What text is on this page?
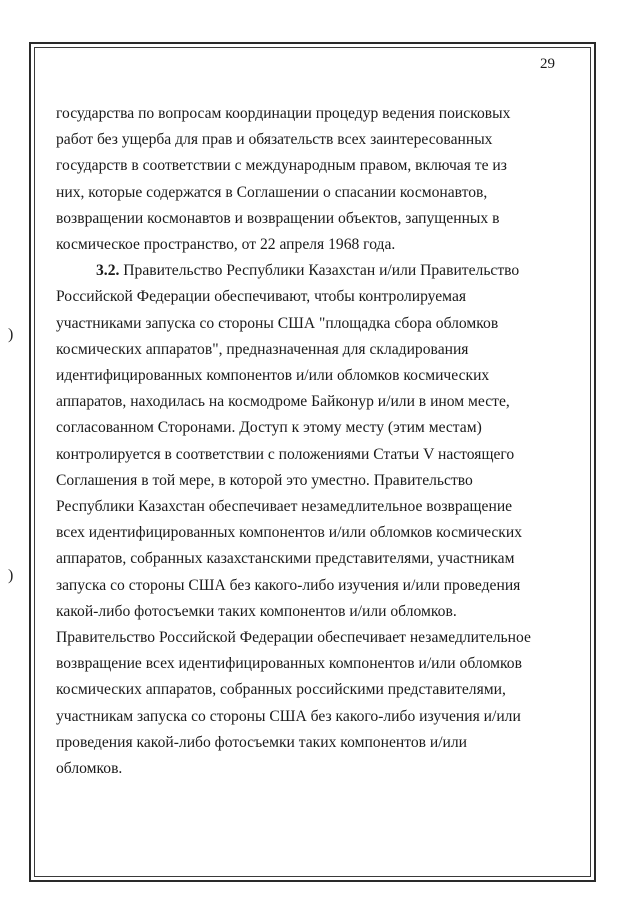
)
)
29
государства по вопросам координации процедур ведения поисковых
работ без ущерба для прав и обязательств всех заинтересованных
государств в соответствии с международным правом, включая те из
них, которые содержатся в Соглашении о спасании космонавтов,
возвращении космонавтов и возвращении объектов, запущенных в
космическое пространство, от 22 апреля 1968 года.
3.2. Правительство Республики Казахстан и/или Правительство
Российской Федерации обеспечивают, чтобы контролируемая
участниками запуска со стороны США "площадка сбора обломков
космических аппаратов", предназначенная для складирования
идентифицированных компонентов и/или обломков космических
аппаратов, находилась на космодроме Байконур и/или в ином месте,
согласованном Сторонами. Доступ к этому месту (этим местам)
контролируется в соответствии с положениями Статьи V настоящего
Соглашения в той мере, в которой это уместно. Правительство
Республики Казахстан обеспечивает незамедлительное возвращение
всех идентифицированных компонентов и/или обломков космических
аппаратов, собранных казахстанскими представителями, участникам
запуска со стороны США без какого-либо изучения и/или проведения
какой-либо фотосъемки таких компонентов и/или обломков.
Правительство Российской Федерации обеспечивает незамедлительное
возвращение всех идентифицированных компонентов и/или обломков
космических аппаратов, собранных российскими представителями,
участникам запуска со стороны США без какого-либо изучения и/или
проведения какой-либо фотосъемки таких компонентов и/или
обломков.
